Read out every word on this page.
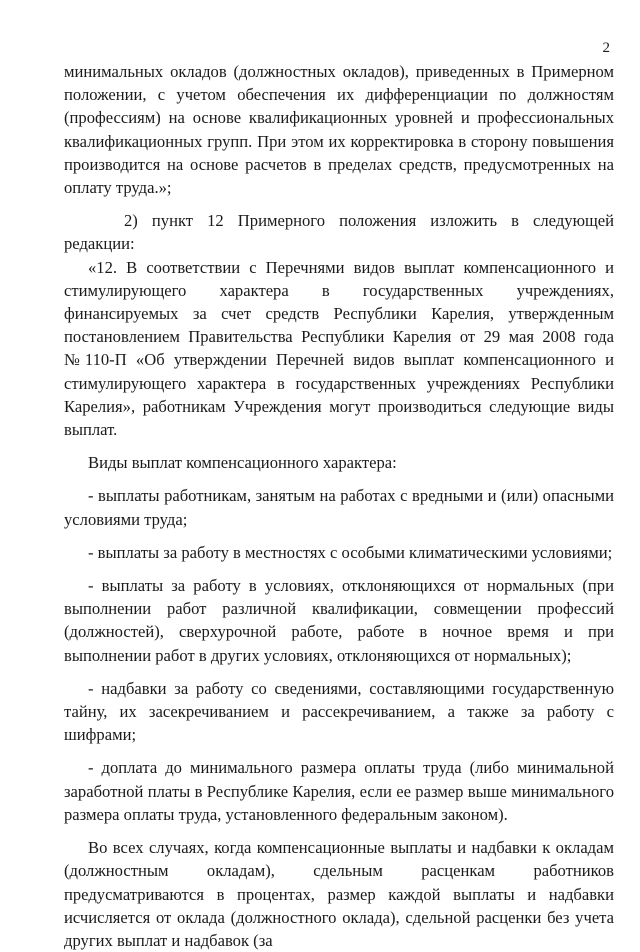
2

минимальных окладов (должностных окладов), приведенных в Примерном положении, с учетом обеспечения их дифференциации по должностям (профессиям) на основе квалификационных уровней и профессиональных квалификационных групп. При этом их корректировка в сторону повышения производится на основе расчетов в пределах средств, предусмотренных на оплату труда.»;

2) пункт 12 Примерного положения изложить в следующей редакции:

«12. В соответствии с Перечнями видов выплат компенсационного и стимулирующего характера в государственных учреждениях, финансируемых за счет средств Республики Карелия, утвержденным постановлением Правительства Республики Карелия от 29 мая 2008 года №110-П «Об утверждении Перечней видов выплат компенсационного и стимулирующего характера в государственных учреждениях Республики Карелия», работникам Учреждения могут производиться следующие виды выплат.

Виды выплат компенсационного характера:

- выплаты работникам, занятым на работах с вредными и (или) опасными условиями труда;

- выплаты за работу в местностях с особыми климатическими условиями;

- выплаты за работу в условиях, отклоняющихся от нормальных (при выполнении работ различной квалификации, совмещении профессий (должностей), сверхурочной работе, работе в ночное время и при выполнении работ в других условиях, отклоняющихся от нормальных);

- надбавки за работу со сведениями, составляющими государственную тайну, их засекречиванием и рассекречиванием, а также за работу с шифрами;

- доплата до минимального размера оплаты труда (либо минимальной заработной платы в Республике Карелия, если ее размер выше минимального размера оплаты труда, установленного федеральным законом).

Во всех случаях, когда компенсационные выплаты и надбавки к окладам (должностным окладам), сдельным расценкам работников предусматриваются в процентах, размер каждой выплаты и надбавки исчисляется от оклада (должностного оклада), сдельной расценки без учета других выплат и надбавок (за
